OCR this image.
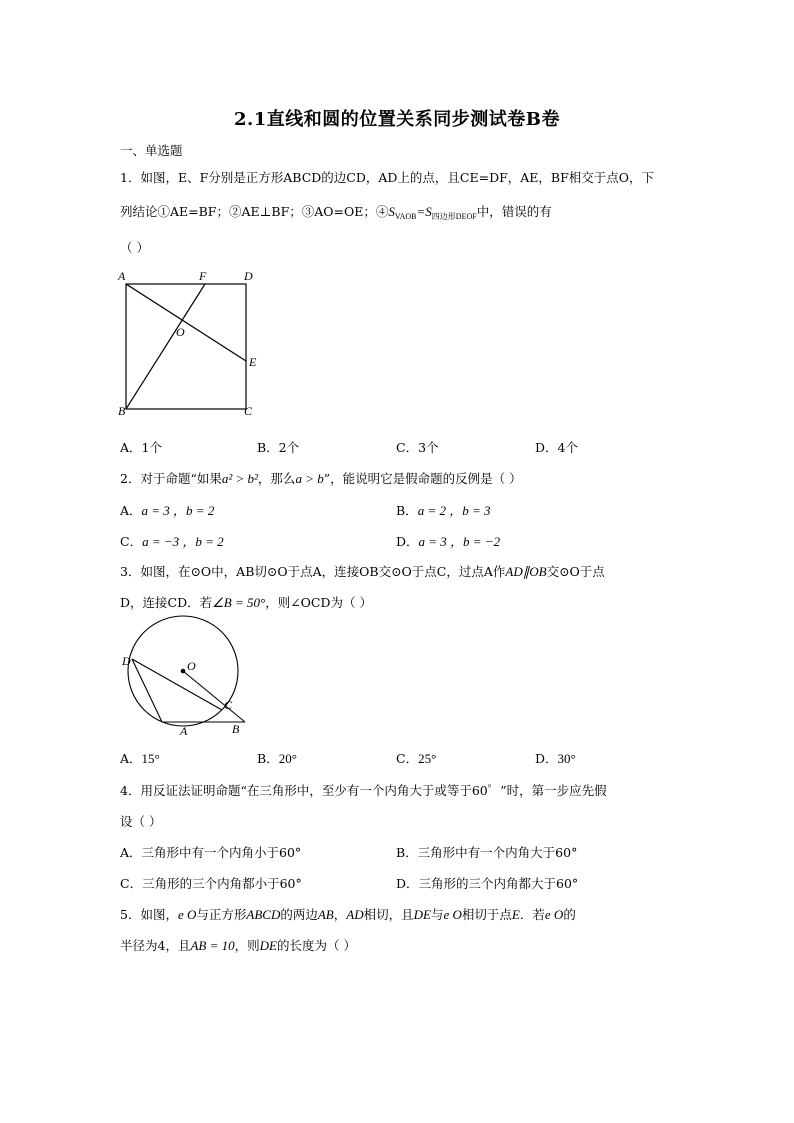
2.1直线和圆的位置关系同步测试卷B卷
一、单选题
1．如图，E、F分别是正方形ABCD的边CD，AD上的点，且CE=DF，AE，BF相交于点O，下
列结论①AE=BF；②AE⊥BF；③AO=OE；$④S_{VAOB}=S_{四边形DEOF}$中，错误的有
（ ）
A	F	D
O
E
B	C
A．1个	B．2个	C．3个	D．4个
2．对于命题“如果a² > b²，那么a > b”，能说明它是假命题的反例是（ ）
A．a = 3 ，b = 2	B．a = 2 ，b = 3
C．a = −3 ，b = 2	D．a = 3 ，b = −2
3．如图，在⊙O中，AB切⊙O于点A，连接OB交⊙O于点C，过点A作AD∥OB交⊙O于点
D，连接CD．若∠B = 50°，则∠OCD为（ ）
D	O
C
A	B
A．15°	B．20°	C．25°	D．30°
4．用反证法证明命题“在三角形中，至少有一个内角大于或等于60゜”时，第一步应先假
设（ ）
A．三角形中有一个内角小于60°	B．三角形中有一个内角大于60°
C．三角形的三个内角都小于60°	D．三角形的三个内角都大于60°
5．如图，e O与正方形ABCD的两边AB，AD相切，且DE与e O相切于点E．若e O的
半径为4，且AB = 10，则DE的长度为（ ）
